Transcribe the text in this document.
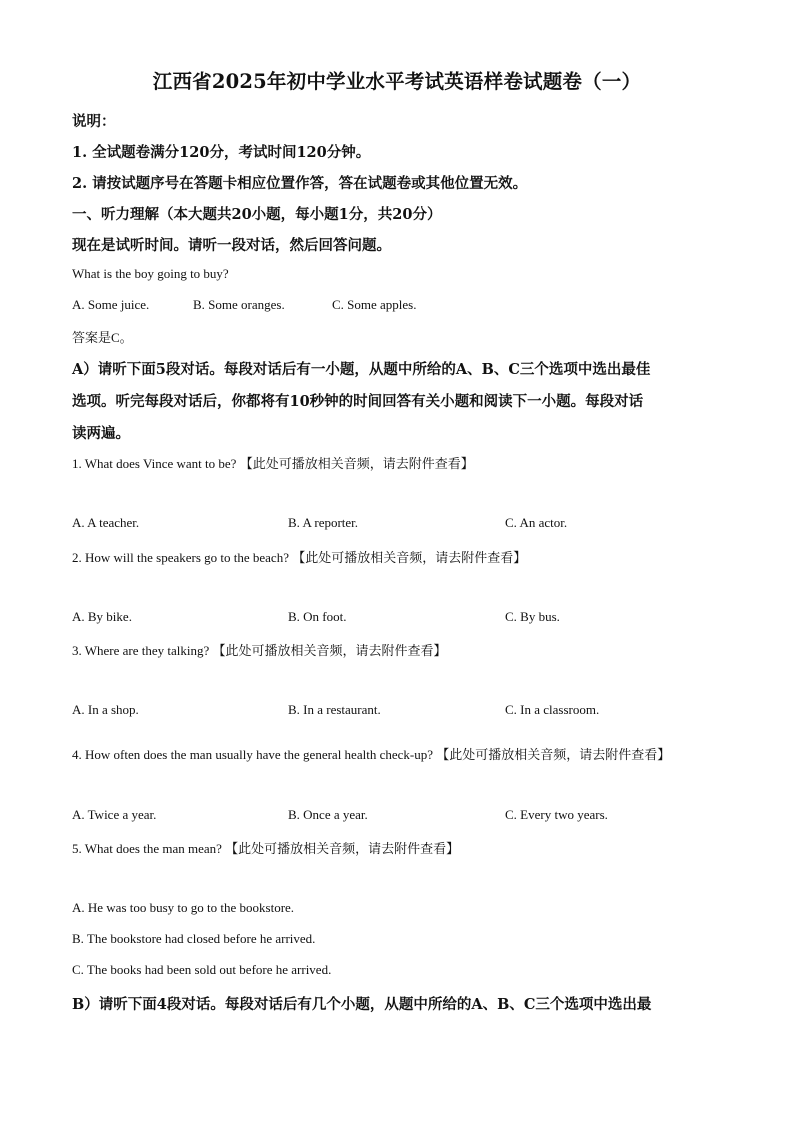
江西省2025年初中学业水平考试英语样卷试题卷（一）
说明：
1. 全试题卷满分120分，考试时间120分钟。
2. 请按试题序号在答题卡相应位置作答，答在试题卷或其他位置无效。
一、听力理解（本大题共20小题，每小题1分，共20分）
现在是试听时间。请听一段对话，然后回答问题。
What is the boy going to buy?
A. Some juice.	B. Some oranges.	C. Some apples.
答案是C。
A）请听下面5段对话。每段对话后有一小题，从题中所给的A、B、C三个选项中选出最佳
选项。听完每段对话后，你都将有10秒钟的时间回答有关小题和阅读下一小题。每段对话
读两遍。
1. What does Vince want to be? 【此处可播放相关音频，请去附件查看】
A. A teacher.	B. A reporter.	C. An actor.
2. How will the speakers go to the beach? 【此处可播放相关音频，请去附件查看】
A. By bike.	B. On foot.	C. By bus.
3. Where are they talking? 【此处可播放相关音频，请去附件查看】
A. In a shop.	B. In a restaurant.	C. In a classroom.
4. How often does the man usually have the general health check-up? 【此处可播放相关音频，请去附件查看】
A. Twice a year.	B. Once a year.	C. Every two years.
5. What does the man mean? 【此处可播放相关音频，请去附件查看】
A. He was too busy to go to the bookstore.
B. The bookstore had closed before he arrived.
C. The books had been sold out before he arrived.
B）请听下面4段对话。每段对话后有几个小题，从题中所给的A、B、C三个选项中选出最
